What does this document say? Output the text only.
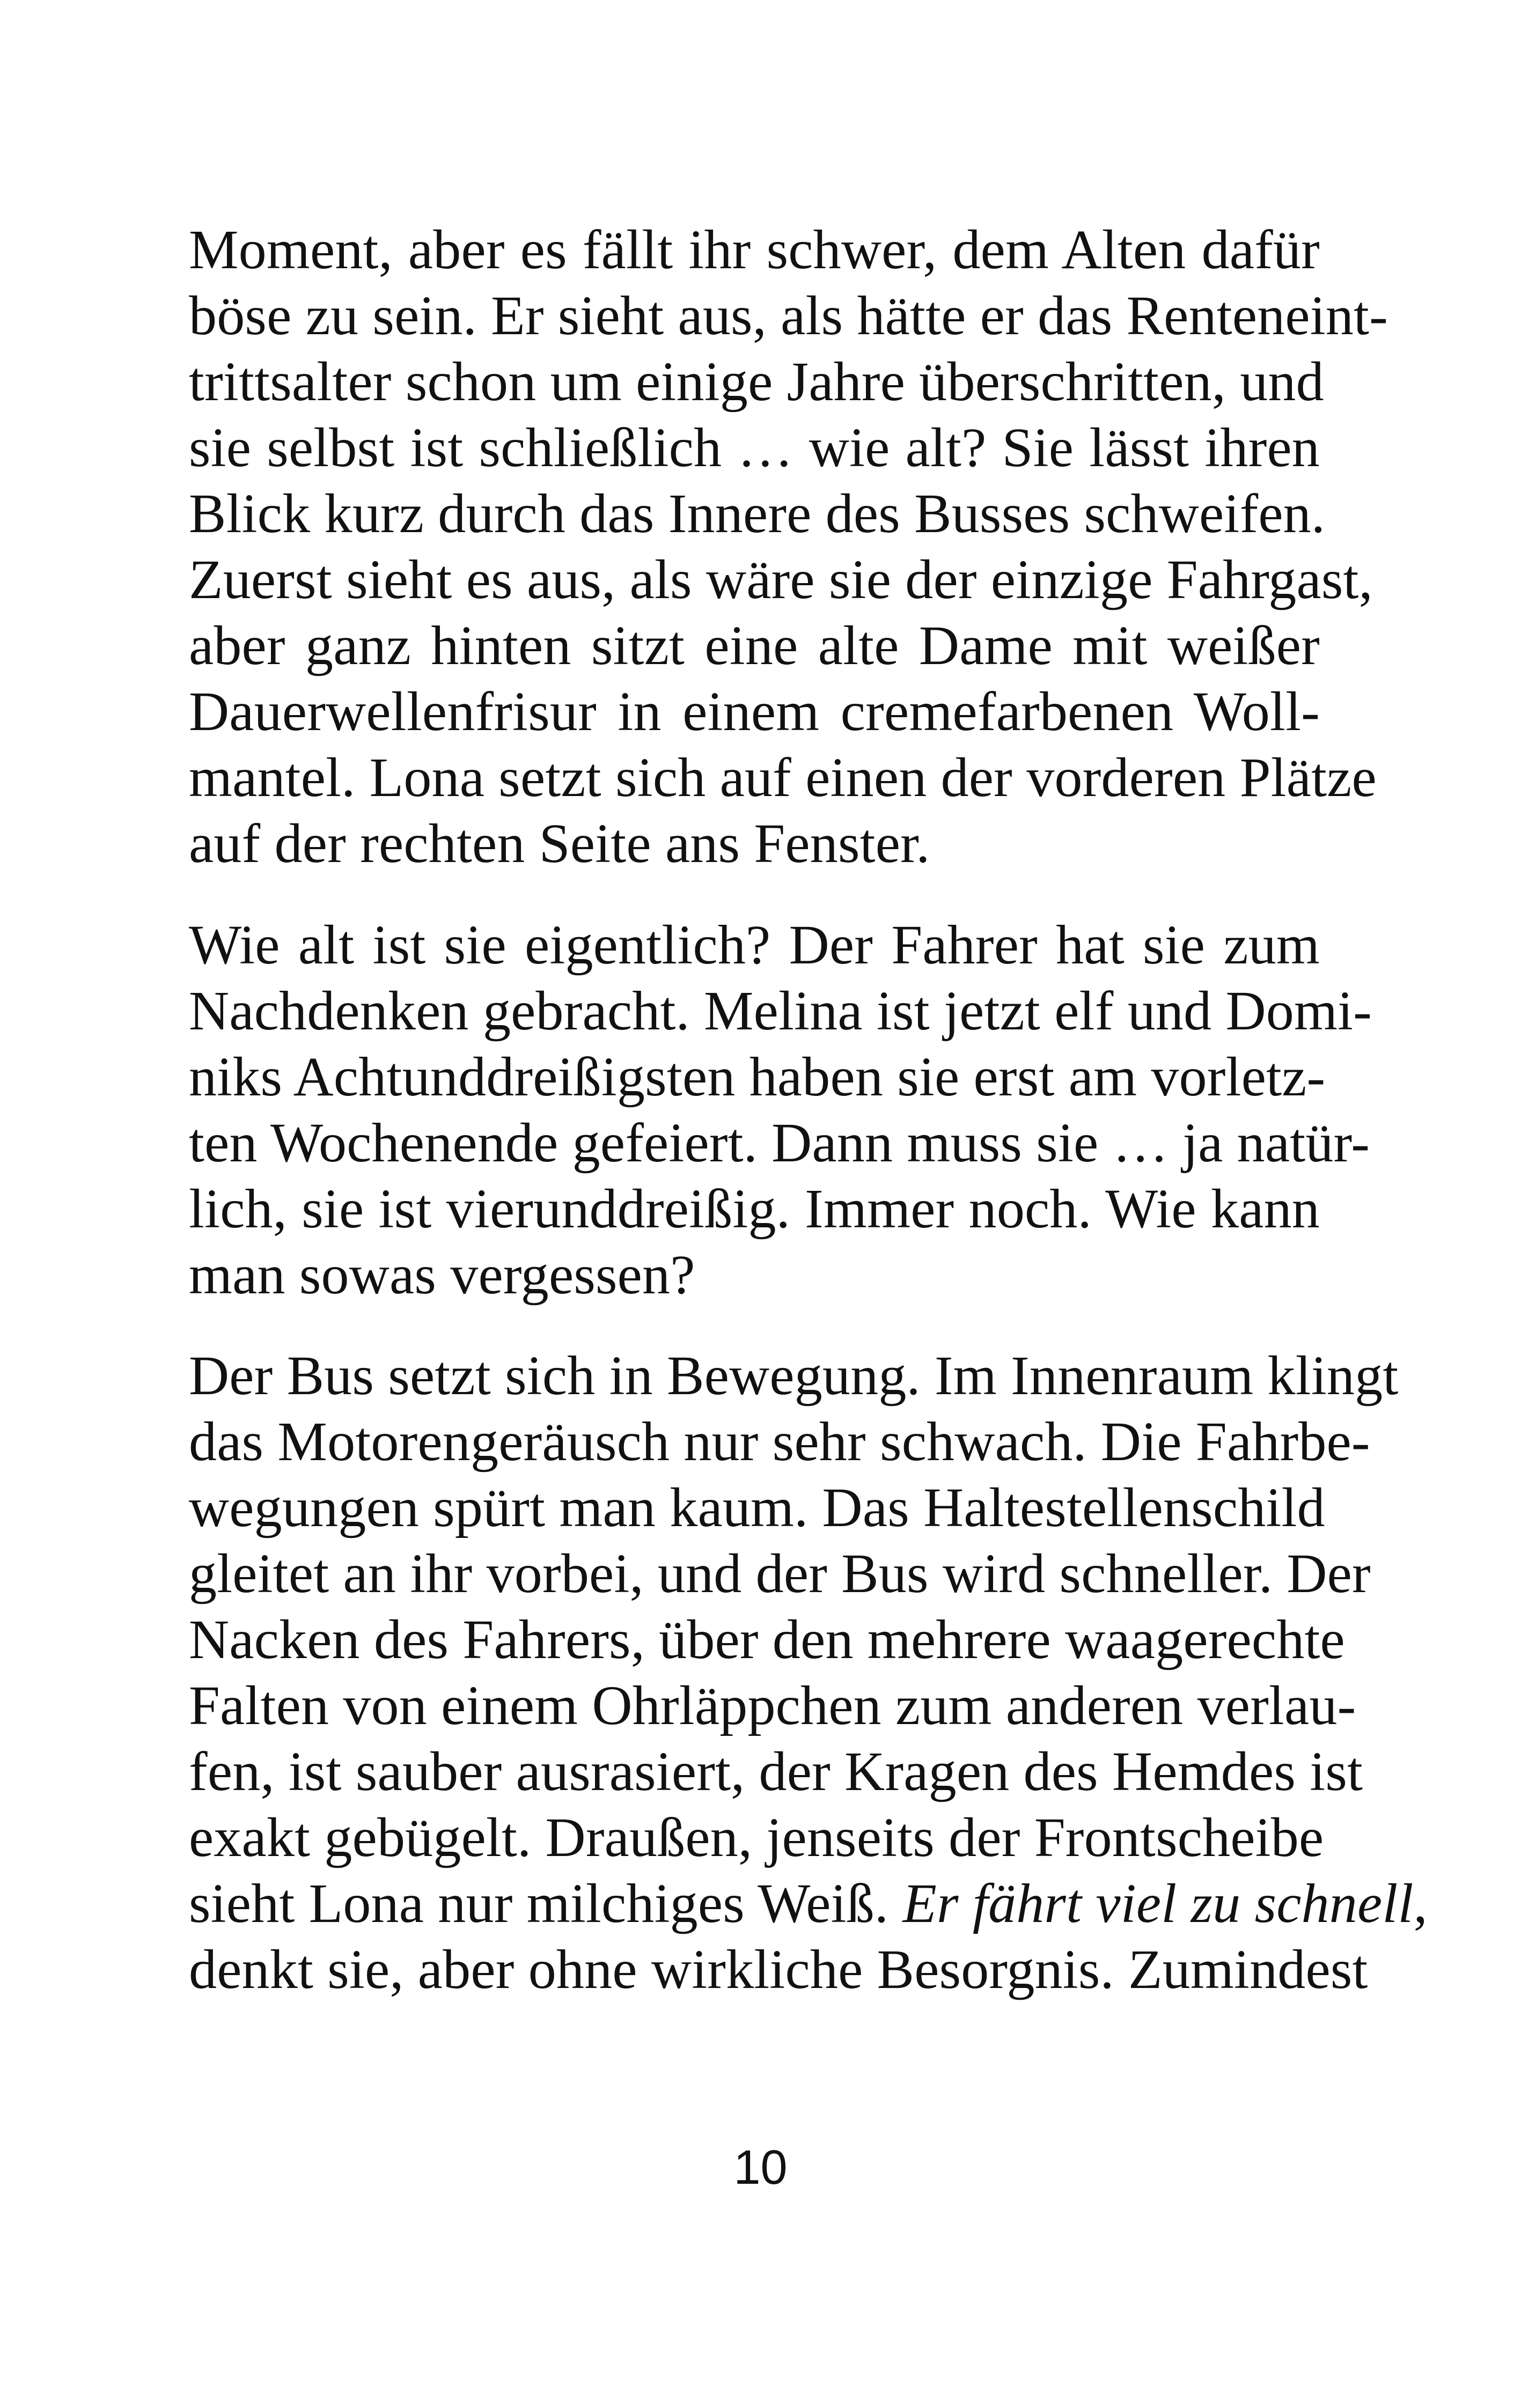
Moment, aber es fällt ihr schwer, dem Alten dafür
böse zu sein. Er sieht aus, als hätte er das Renteneint-
trittsalter schon um einige Jahre überschritten, und
sie selbst ist schließlich … wie alt? Sie lässt ihren
Blick kurz durch das Innere des Busses schweifen.
Zuerst sieht es aus, als wäre sie der einzige Fahrgast,
aber ganz hinten sitzt eine alte Dame mit weißer
Dauerwellenfrisur in einem cremefarbenen Woll-
mantel. Lona setzt sich auf einen der vorderen Plätze
auf der rechten Seite ans Fenster.
Wie alt ist sie eigentlich? Der Fahrer hat sie zum
Nachdenken gebracht. Melina ist jetzt elf und Domi-
niks Achtunddreißigsten haben sie erst am vorletz-
ten Wochenende gefeiert. Dann muss sie … ja natür-
lich, sie ist vierunddreißig. Immer noch. Wie kann
man sowas vergessen?
Der Bus setzt sich in Bewegung. Im Innenraum klingt
das Motorengeräusch nur sehr schwach. Die Fahrbe-
wegungen spürt man kaum. Das Haltestellenschild
gleitet an ihr vorbei, und der Bus wird schneller. Der
Nacken des Fahrers, über den mehrere waagerechte
Falten von einem Ohrläppchen zum anderen verlau-
fen, ist sauber ausrasiert, der Kragen des Hemdes ist
exakt gebügelt. Draußen, jenseits der Frontscheibe
sieht Lona nur milchiges Weiß. Er fährt viel zu schnell,
denkt sie, aber ohne wirkliche Besorgnis. Zumindest
10
